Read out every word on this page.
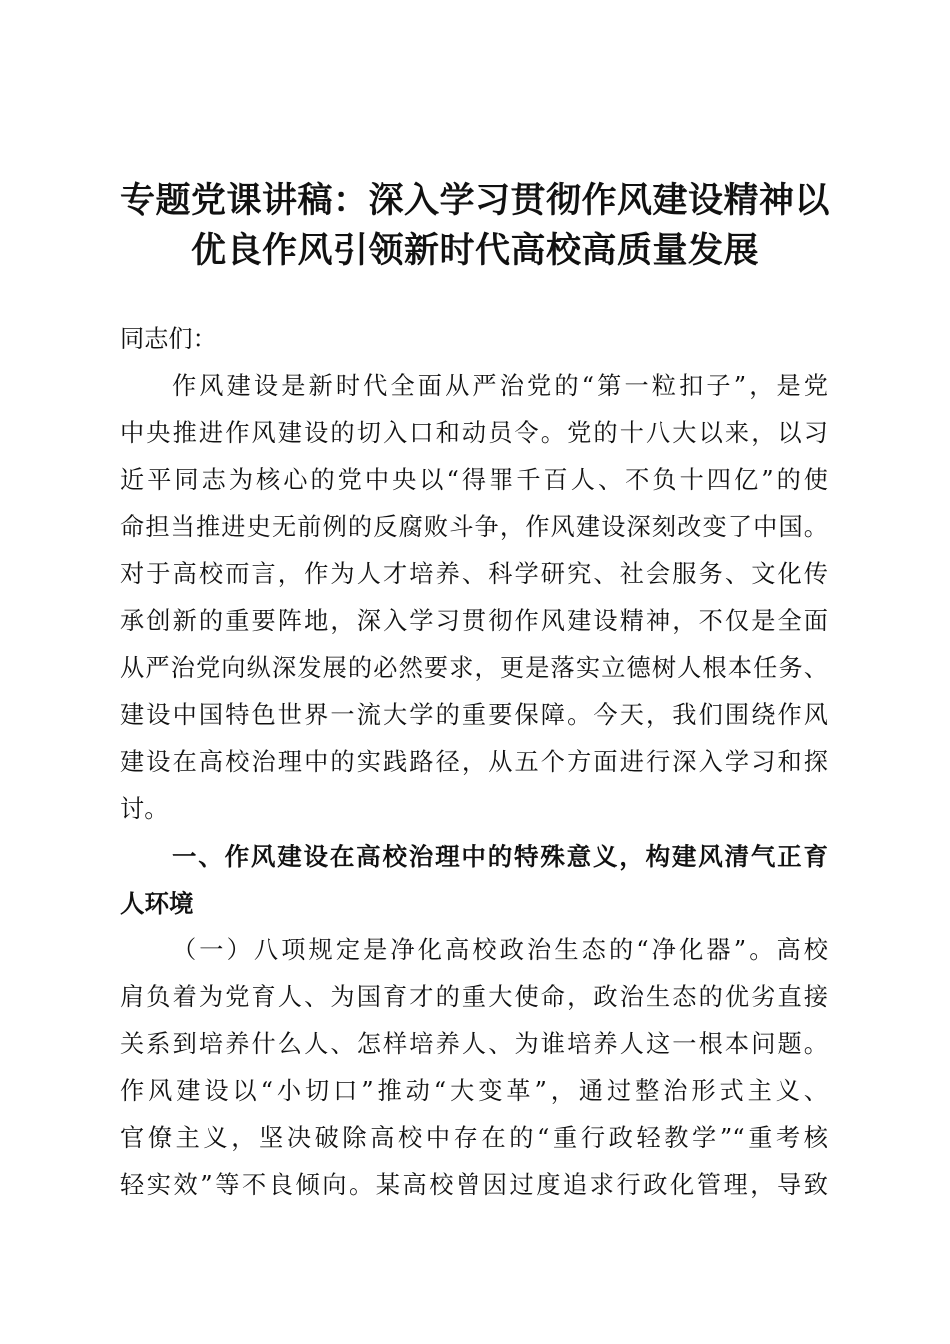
专题党课讲稿：深入学习贯彻作风建设精神以
优良作风引领新时代高校高质量发展

同志们：

作风建设是新时代全面从严治党的“第一粒扣子”，是党
中央推进作风建设的切入口和动员令。党的十八大以来，以习
近平同志为核心的党中央以“得罪千百人、不负十四亿”的使
命担当推进史无前例的反腐败斗争，作风建设深刻改变了中国。
对于高校而言，作为人才培养、科学研究、社会服务、文化传
承创新的重要阵地，深入学习贯彻作风建设精神，不仅是全面
从严治党向纵深发展的必然要求，更是落实立德树人根本任务、
建设中国特色世界一流大学的重要保障。今天，我们围绕作风
建设在高校治理中的实践路径，从五个方面进行深入学习和探
讨。

一、作风建设在高校治理中的特殊意义，构建风清气正育
人环境

（一）八项规定是净化高校政治生态的“净化器”。高校
肩负着为党育人、为国育才的重大使命，政治生态的优劣直接
关系到培养什么人、怎样培养人、为谁培养人这一根本问题。
作风建设以“小切口”推动“大变革”，通过整治形式主义、
官僚主义，坚决破除高校中存在的“重行政轻教学”“重考核
轻实效”等不良倾向。某高校曾因过度追求行政化管理，导致
